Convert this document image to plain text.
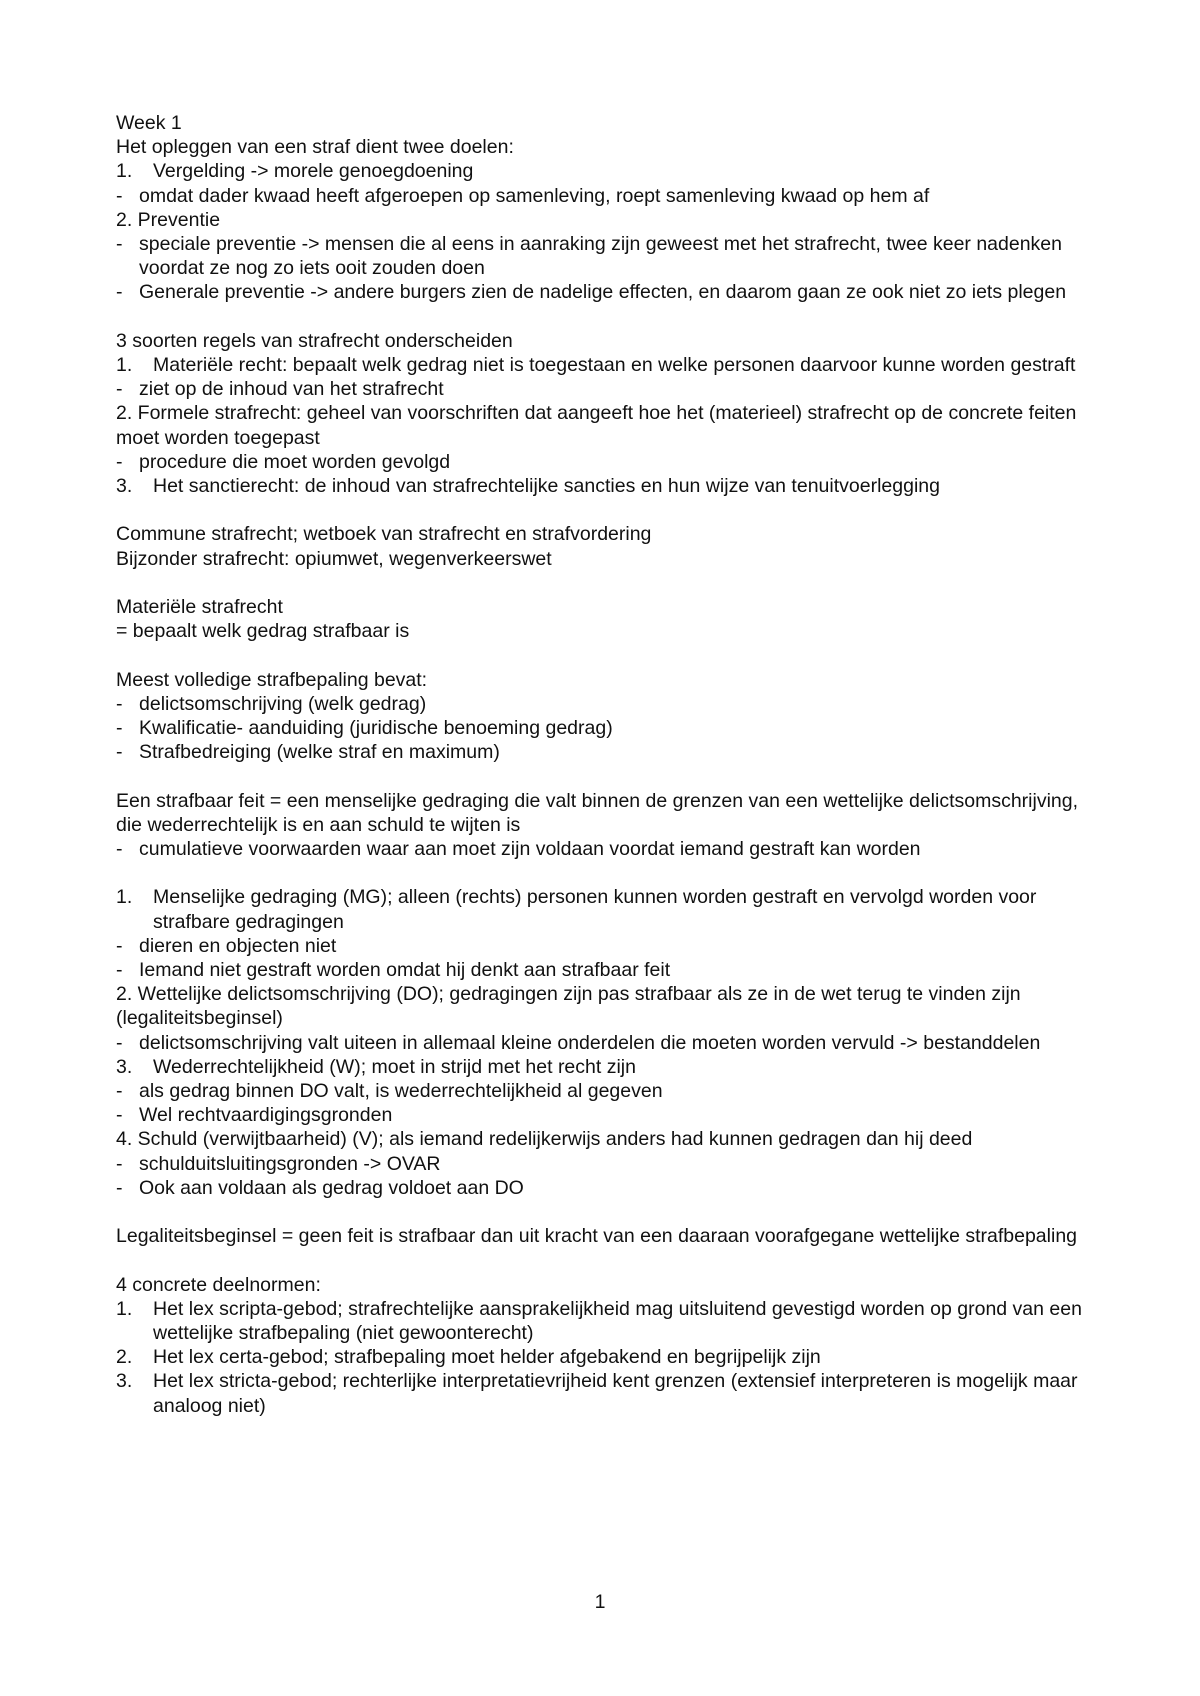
Week 1
Het opleggen van een straf dient twee doelen:
1.	Vergelding -> morele genoegdoening
- omdat dader kwaad heeft afgeroepen op samenleving, roept samenleving kwaad op hem af
2. Preventie
- speciale preventie -> mensen die al eens in aanraking zijn geweest met het strafrecht, twee keer nadenken voordat ze nog zo iets ooit zouden doen
- Generale preventie -> andere burgers zien de nadelige effecten, en daarom gaan ze ook niet zo iets plegen
3 soorten regels van strafrecht onderscheiden
1.	Materiële recht: bepaalt welk gedrag niet is toegestaan en welke personen daarvoor kunne worden gestraft
- ziet op de inhoud van het strafrecht
2. Formele strafrecht: geheel van voorschriften dat aangeeft hoe het (materieel) strafrecht op de concrete feiten moet worden toegepast
- procedure die moet worden gevolgd
3.	Het sanctierecht: de inhoud van strafrechtelijke sancties en hun wijze van tenuitvoerlegging
Commune strafrecht; wetboek van strafrecht en strafvordering
Bijzonder strafrecht: opiumwet, wegenverkeerswet
Materiële strafrecht
= bepaalt welk gedrag strafbaar is
Meest volledige strafbepaling bevat:
- delictsomschrijving (welk gedrag)
- Kwalificatie- aanduiding (juridische benoeming gedrag)
- Strafbedreiging (welke straf en maximum)
Een strafbaar feit = een menselijke gedraging die valt binnen de grenzen van een wettelijke delictsomschrijving, die wederrechtelijk is en aan schuld te wijten is
- cumulatieve voorwaarden waar aan moet zijn voldaan voordat iemand gestraft kan worden
1.	Menselijke gedraging (MG); alleen (rechts) personen kunnen worden gestraft en vervolgd worden voor strafbare gedragingen
- dieren en objecten niet
- Iemand niet gestraft worden omdat hij denkt aan strafbaar feit
2. Wettelijke delictsomschrijving (DO); gedragingen zijn pas strafbaar als ze in de wet terug te vinden zijn (legaliteitsbeginsel)
- delictsomschrijving valt uiteen in allemaal kleine onderdelen die moeten worden vervuld -> bestanddelen
3.	Wederrechtelijkheid (W); moet in strijd met het recht zijn
- als gedrag binnen DO valt, is wederrechtelijkheid al gegeven
- Wel rechtvaardigingsgronden
4. Schuld (verwijtbaarheid) (V); als iemand redelijkerwijs anders had kunnen gedragen dan hij deed
- schulduitsluitingsgronden -> OVAR
- Ook aan voldaan als gedrag voldoet aan DO
Legaliteitsbeginsel = geen feit is strafbaar dan uit kracht van een daaraan voorafgegane wettelijke strafbepaling
4 concrete deelnormen:
1.	Het lex scripta-gebod; strafrechtelijke aansprakelijkheid mag uitsluitend gevestigd worden op grond van een wettelijke strafbepaling (niet gewoonterecht)
2.	Het lex certa-gebod; strafbepaling moet helder afgebakend en begrijpelijk zijn
3.	Het lex stricta-gebod; rechterlijke interpretatievrijheid kent grenzen (extensief interpreteren is mogelijk maar analoog niet)
1
